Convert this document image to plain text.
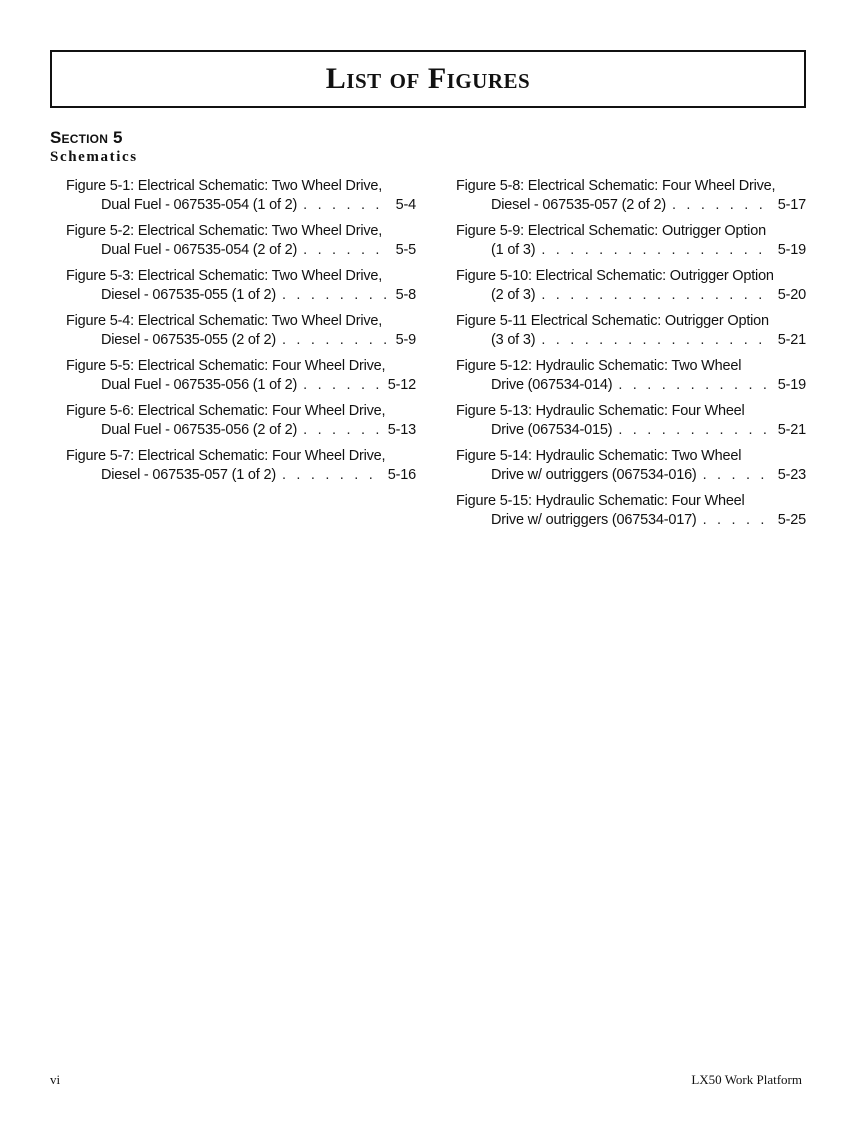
List of Figures
Section 5
Schematics
Figure 5-1: Electrical Schematic: Two Wheel Drive,
Dual Fuel - 067535-054 (1 of 2) . . .	5-4
Figure 5-2: Electrical Schematic: Two Wheel Drive,
Dual Fuel - 067535-054 (2 of 2) . . .	5-5
Figure 5-3: Electrical Schematic: Two Wheel Drive,
Diesel - 067535-055 (1 of 2) . . .	5-8
Figure 5-4: Electrical Schematic: Two Wheel Drive,
Diesel - 067535-055 (2 of 2) . . .	5-9
Figure 5-5: Electrical Schematic: Four Wheel Drive,
Dual Fuel - 067535-056 (1 of 2) . . .	5-12
Figure 5-6: Electrical Schematic: Four Wheel Drive,
Dual Fuel - 067535-056 (2 of 2) . . .	5-13
Figure 5-7: Electrical Schematic: Four Wheel Drive,
Diesel - 067535-057 (1 of 2) . . .	5-16
Figure 5-8: Electrical Schematic: Four Wheel Drive,
Diesel - 067535-057 (2 of 2) . . .	5-17
Figure 5-9: Electrical Schematic: Outrigger Option
(1 of 3) . . .	5-19
Figure 5-10: Electrical Schematic: Outrigger Option
(2 of 3) . . .	5-20
Figure 5-11 Electrical Schematic: Outrigger Option
(3 of 3) . . .	5-21
Figure 5-12: Hydraulic Schematic: Two Wheel
Drive (067534-014) . . .	5-19
Figure 5-13: Hydraulic Schematic: Four Wheel
Drive (067534-015) . . .	5-21
Figure 5-14: Hydraulic Schematic: Two Wheel
Drive w/ outriggers (067534-016) . . .	5-23
Figure 5-15: Hydraulic Schematic: Four Wheel
Drive w/ outriggers (067534-017) . . .	5-25
vi	LX50 Work Platform
